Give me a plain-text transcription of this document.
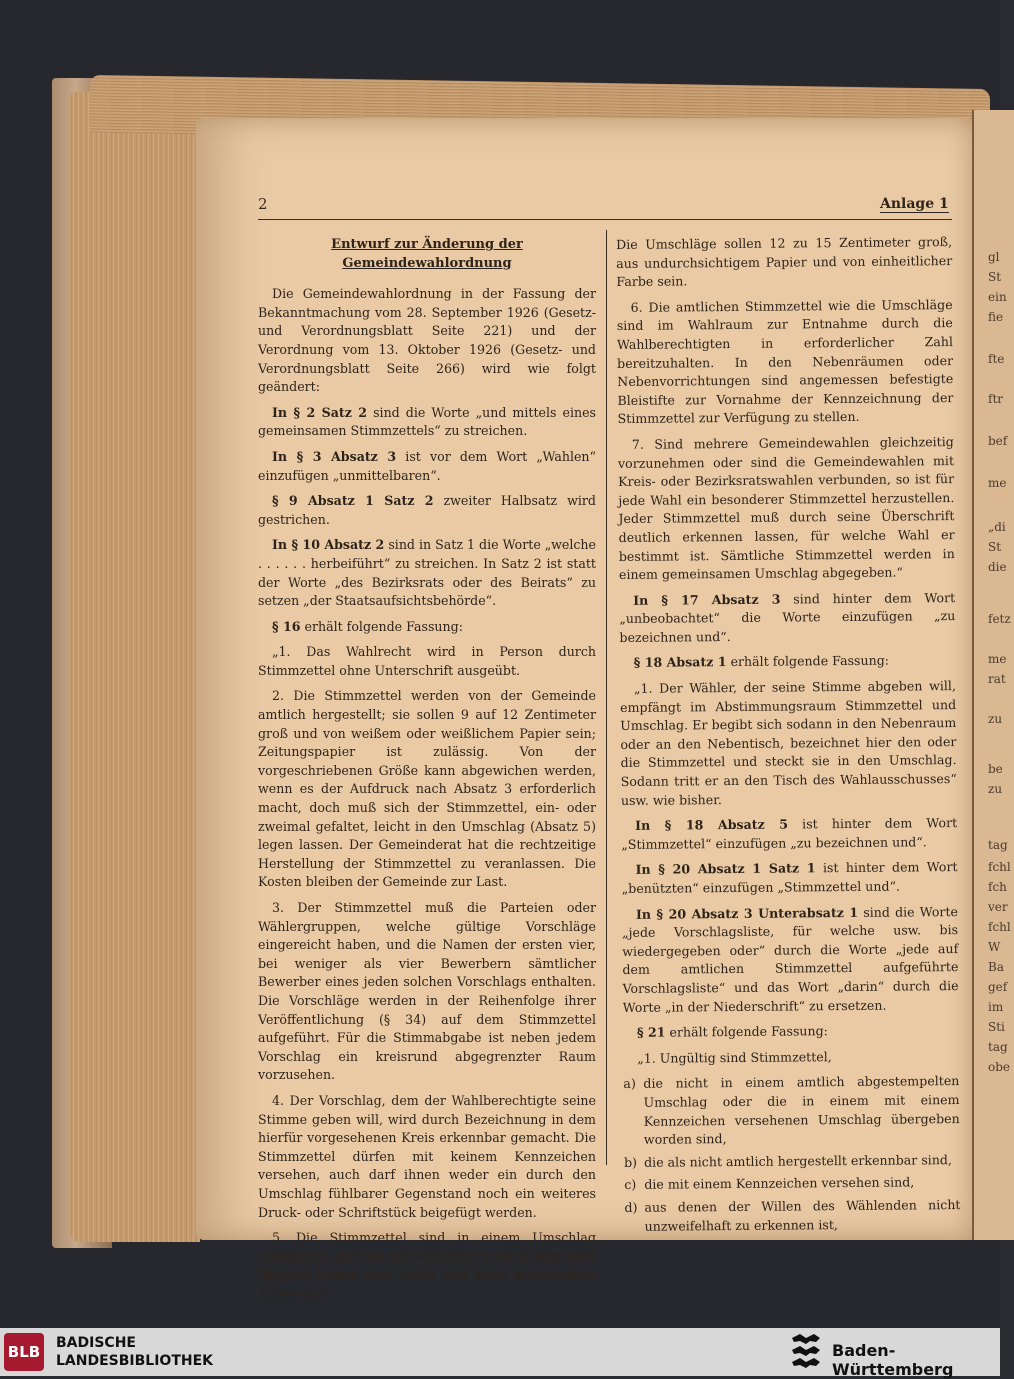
gl
St
ein
fie
fte
ftr
bef
me
„di
St
die
fetz
me
rat
zu
be
zu
tag
fchl
fch
ver
fchl
W
Ba
gef
im
Sti
tag
obe
2	Anlage 1
Entwurf zur Änderung der Gemeindewahlordnung

Die Gemeindewahlordnung in der Fassung der Bekanntmachung vom 28. September 1926 (Gesetz- und Verordnungsblatt Seite 221) und der Verordnung vom 13. Oktober 1926 (Gesetz- und Verordnungsblatt Seite 266) wird wie folgt geändert:

In § 2 Satz 2 sind die Worte „und mittels eines gemeinsamen Stimmzettels“ zu streichen.

In § 3 Absatz 3 ist vor dem Wort „Wahlen“ einzufügen „unmittelbaren“.

§ 9 Absatz 1 Satz 2 zweiter Halbsatz wird gestrichen.

In § 10 Absatz 2 sind in Satz 1 die Worte „welche . . . . . . herbeiführt“ zu streichen. In Satz 2 ist statt der Worte „des Bezirksrats oder des Beirats“ zu setzen „der Staatsaufsichtsbehörde“.

§ 16 erhält folgende Fassung:

„1. Das Wahlrecht wird in Person durch Stimmzettel ohne Unterschrift ausgeübt.

2. Die Stimmzettel werden von der Gemeinde amtlich hergestellt; sie sollen 9 auf 12 Zentimeter groß und von weißem oder weißlichem Papier sein; Zeitungspapier ist zulässig. Von der vorgeschriebenen Größe kann abgewichen werden, wenn es der Aufdruck nach Absatz 3 erforderlich macht, doch muß sich der Stimmzettel, ein- oder zweimal gefaltet, leicht in den Umschlag (Absatz 5) legen lassen. Der Gemeinderat hat die rechtzeitige Herstellung der Stimmzettel zu veranlassen. Die Kosten bleiben der Gemeinde zur Last.

3. Der Stimmzettel muß die Parteien oder Wählergruppen, welche gültige Vorschläge eingereicht haben, und die Namen der ersten vier, bei weniger als vier Bewerbern sämtlicher Bewerber eines jeden solchen Vorschlags enthalten. Die Vorschläge werden in der Reihenfolge ihrer Veröffentlichung (§ 34) auf dem Stimmzettel aufgeführt. Für die Stimmabgabe ist neben jedem Vorschlag ein kreisrund abgegrenzter Raum vorzusehen.

4. Der Vorschlag, dem der Wahlberechtigte seine Stimme geben will, wird durch Bezeichnung in dem hierfür vorgesehenen Kreis erkennbar gemacht. Die Stimmzettel dürfen mit keinem Kennzeichen versehen, auch darf ihnen weder ein durch den Umschlag fühlbarer Gegenstand noch ein weiteres Druck- oder Schriftstück beigefügt werden.

5. Die Stimmzettel sind in einem Umschlag abzugeben, der auf der Vorderseite einen amtlichen Stempel tragen muß, sonst aber keine Kennzeichen haben darf.

Die Umschläge sollen 12 zu 15 Zentimeter groß, aus undurchsichtigem Papier und von einheitlicher Farbe sein.

6. Die amtlichen Stimmzettel wie die Umschläge sind im Wahlraum zur Entnahme durch die Wahlberechtigten in erforderlicher Zahl bereitzuhalten. In den Nebenräumen oder Nebenvorrichtungen sind angemessen befestigte Bleistifte zur Vornahme der Kennzeichnung der Stimmzettel zur Verfügung zu stellen.

7. Sind mehrere Gemeindewahlen gleichzeitig vorzunehmen oder sind die Gemeindewahlen mit Kreis- oder Bezirksratswahlen verbunden, so ist für jede Wahl ein besonderer Stimmzettel herzustellen. Jeder Stimmzettel muß durch seine Überschrift deutlich erkennen lassen, für welche Wahl er bestimmt ist. Sämtliche Stimmzettel werden in einem gemeinsamen Umschlag abgegeben.“

In § 17 Absatz 3 sind hinter dem Wort „unbeobachtet“ die Worte einzufügen „zu bezeichnen und“.

§ 18 Absatz 1 erhält folgende Fassung:

„1. Der Wähler, der seine Stimme abgeben will, empfängt im Abstimmungsraum Stimmzettel und Umschlag. Er begibt sich sodann in den Nebenraum oder an den Nebentisch, bezeichnet hier den oder die Stimmzettel und steckt sie in den Umschlag. Sodann tritt er an den Tisch des Wahlausschusses“ usw. wie bisher.

In § 18 Absatz 5 ist hinter dem Wort „Stimmzettel“ einzufügen „zu bezeichnen und“.

In § 20 Absatz 1 Satz 1 ist hinter dem Wort „benützten“ einzufügen „Stimmzettel und“.

In § 20 Absatz 3 Unterabsatz 1 sind die Worte „jede Vorschlagsliste, für welche usw. bis wiedergegeben oder“ durch die Worte „jede auf dem amtlichen Stimmzettel aufgeführte Vorschlagsliste“ und das Wort „darin“ durch die Worte „in der Niederschrift“ zu ersetzen.

§ 21 erhält folgende Fassung:

„1. Ungültig sind Stimmzettel,

a) die nicht in einem amtlich abgestempelten Umschlag oder die in einem mit einem Kennzeichen versehenen Umschlag übergeben worden sind,
b) die als nicht amtlich hergestellt erkennbar sind,
c) die mit einem Kennzeichen versehen sind,
d) aus denen der Willen des Wählenden nicht unzweifelhaft zu erkennen ist,
BLB BADISCHE
LANDESBIBLIOTHEK
Baden-Württemberg
